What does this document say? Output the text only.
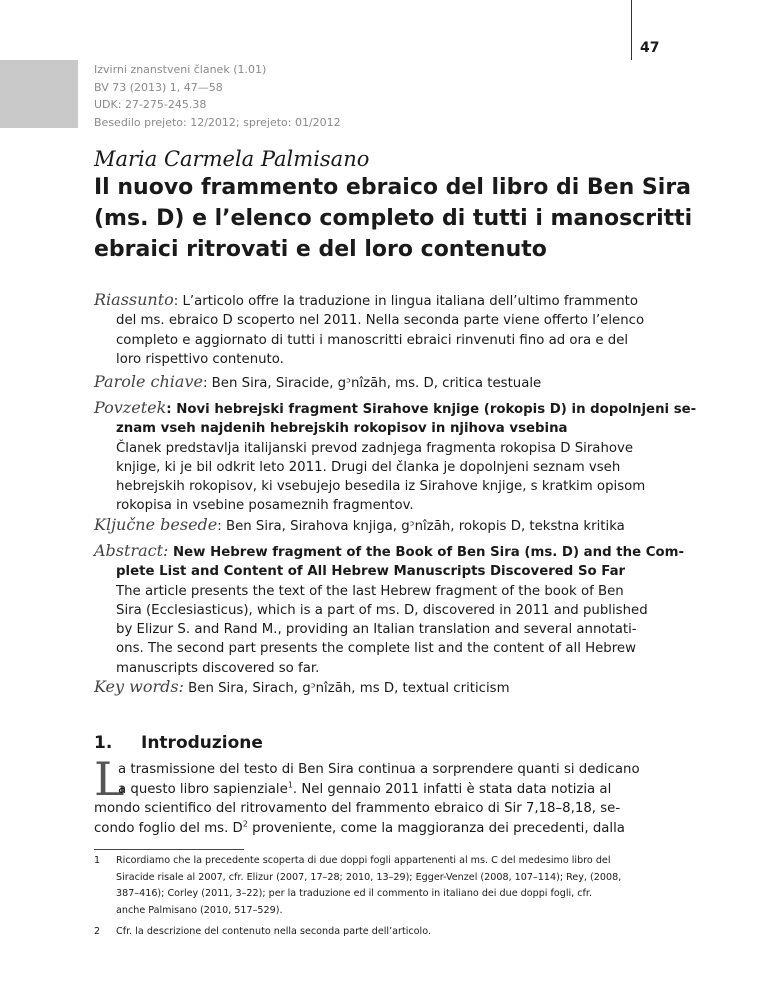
47
Izvirni znanstveni članek (1.01)
BV 73 (2013) 1, 47—58
UDK: 27-275-245.38
Besedilo prejeto: 12/2012; sprejeto: 01/2012
Maria Carmela Palmisano
Il nuovo frammento ebraico del libro di Ben Sira
(ms. D) e l’elenco completo di tutti i manoscritti
ebraici ritrovati e del loro contenuto
Riassunto: L’articolo offre la traduzione in lingua italiana dell’ultimo frammento
del ms. ebraico D scoperto nel 2011. Nella seconda parte viene offerto l’elenco
completo e aggiornato di tutti i manoscritti ebraici rinvenuti fino ad ora e del
loro rispettivo contenuto.
Parole chiave: Ben Sira, Siracide, gᵓnîzāh, ms. D, critica testuale
Povzetek: Novi hebrejski fragment Sirahove knjige (rokopis D) in dopolnjeni se-
znam vseh najdenih hebrejskih rokopisov in njihova vsebina
Članek predstavlja italijanski prevod zadnjega fragmenta rokopisa D Sirahove
knjige, ki je bil odkrit leto 2011. Drugi del članka je dopolnjeni seznam vseh
hebrejskih rokopisov, ki vsebujejo besedila iz Sirahove knjige, s kratkim opisom
rokopisa in vsebine posameznih fragmentov.
Ključne besede: Ben Sira, Sirahova knjiga, gᵓnîzāh, rokopis D, tekstna kritika
Abstract: New Hebrew fragment of the Book of Ben Sira (ms. D) and the Com-
plete List and Content of All Hebrew Manuscripts Discovered So Far
The article presents the text of the last Hebrew fragment of the book of Ben
Sira (Ecclesiasticus), which is a part of ms. D, discovered in 2011 and published
by Elizur S. and Rand M., providing an Italian translation and several annotati-
ons. The second part presents the complete list and the content of all Hebrew
manuscripts discovered so far.
Key words: Ben Sira, Sirach, gᵓnîzāh, ms D, textual criticism
1. Introduzione
L
a trasmissione del testo di Ben Sira continua a sorprendere quanti si dedicano
a questo libro sapienziale$^1$. Nel gennaio 2011 infatti è stata data notizia al
mondo scientifico del ritrovamento del frammento ebraico di Sir 7,18–8,18, se-
condo foglio del ms. $D^2$ proveniente, come la maggioranza dei precedenti, dalla
1 Ricordiamo che la precedente scoperta di due doppi fogli appartenenti al ms. C del medesimo libro del
Siracide risale al 2007, cfr. Elizur (2007, 17–28; 2010, 13–29); Egger-Venzel (2008, 107–114); Rey, (2008,
387–416); Corley (2011, 3–22); per la traduzione ed il commento in italiano dei due doppi fogli, cfr.
anche Palmisano (2010, 517–529).
2 Cfr. la descrizione del contenuto nella seconda parte dell’articolo.
